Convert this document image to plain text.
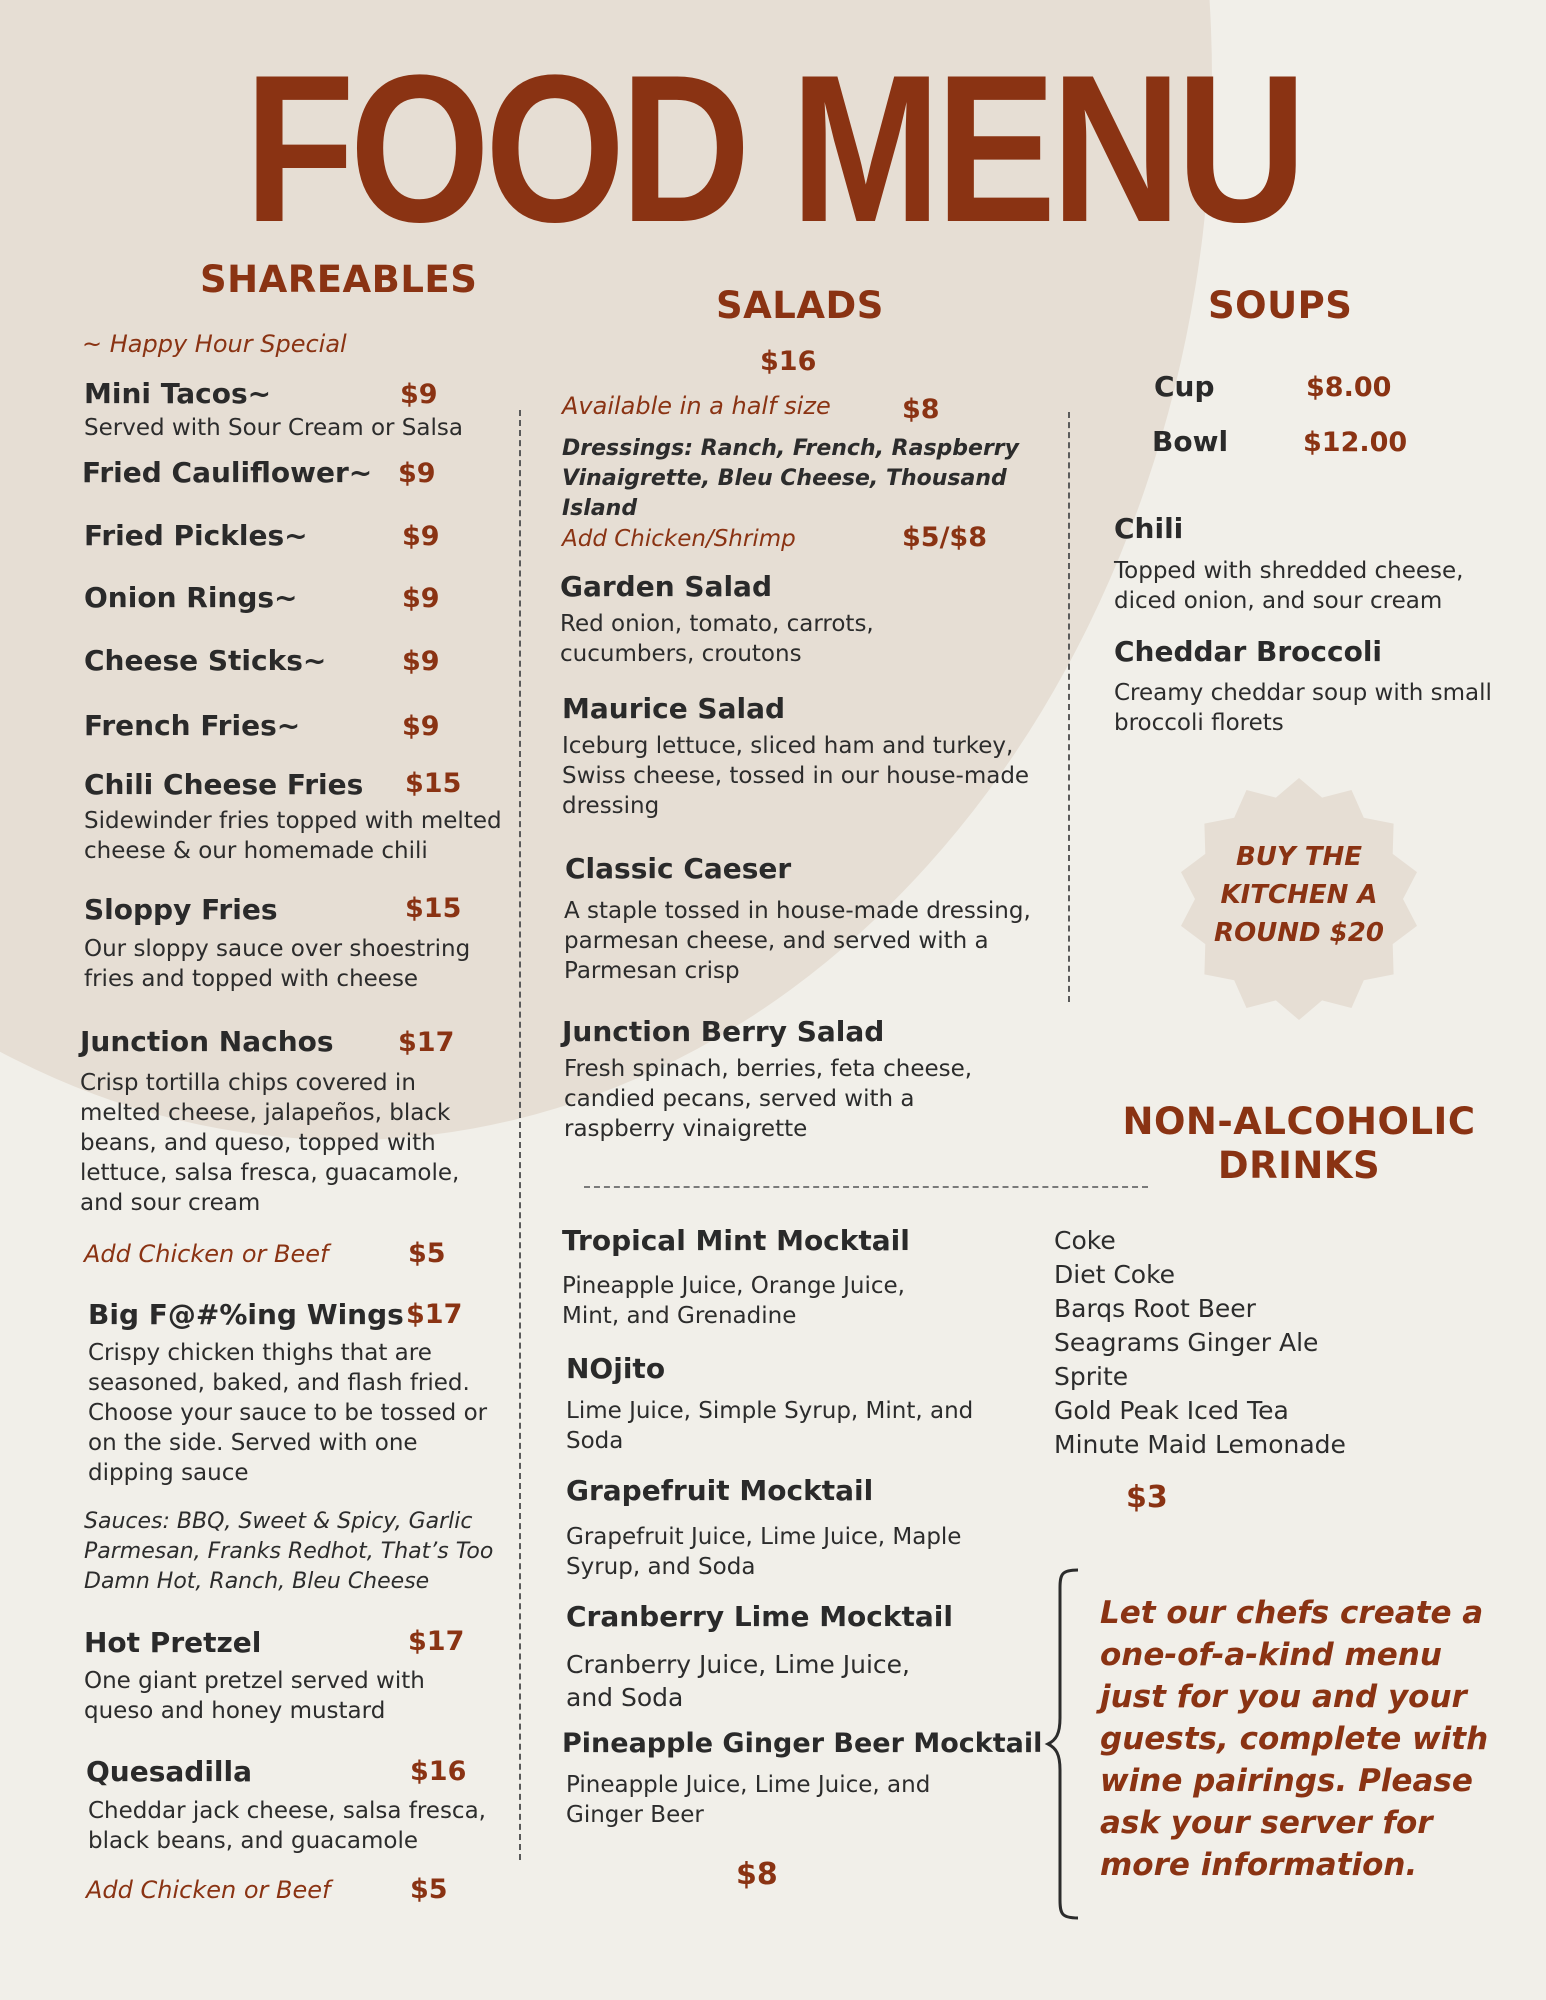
FOOD MENU
SHAREABLES
~ Happy Hour Special
Mini Tacos~	$9
Served with Sour Cream or Salsa
Fried Cauliflower~ $9
Fried Pickles~	$9
Onion Rings~	$9
Cheese Sticks~	$9
French Fries~	$9
Chili Cheese Fries $15
Sidewinder fries topped with melted cheese & our homemade chili
Sloppy Fries	$15
Our sloppy sauce over shoestring fries and topped with cheese
Junction Nachos $17
Crisp tortilla chips covered in melted cheese, jalapeños, black beans, and queso, topped with lettuce, salsa fresca, guacamole, and sour cream
Add Chicken or Beef	$5
Big F@#%ing Wings $17
Crispy chicken thighs that are seasoned, baked, and flash fried. Choose your sauce to be tossed or on the side. Served with one dipping sauce
Sauces: BBQ, Sweet & Spicy, Garlic Parmesan, Franks Redhot, That’s Too Damn Hot, Ranch, Bleu Cheese
Hot Pretzel	$17
One giant pretzel served with queso and honey mustard
Quesadilla	$16
Cheddar jack cheese, salsa fresca, black beans, and guacamole
Add Chicken or Beef	$5
SALADS
$16
Available in a half size	$8
Dressings: Ranch, French, Raspberry Vinaigrette, Bleu Cheese, Thousand Island
Add Chicken/Shrimp	$5/$8
Garden Salad
Red onion, tomato, carrots, cucumbers, croutons
Maurice Salad
Iceburg lettuce, sliced ham and turkey, Swiss cheese, tossed in our house-made dressing
Classic Caeser
A staple tossed in house-made dressing, parmesan cheese, and served with a Parmesan crisp
Junction Berry Salad
Fresh spinach, berries, feta cheese, candied pecans, served with a raspberry vinaigrette
SOUPS
Cup	$8.00
Bowl	$12.00
Chili
Topped with shredded cheese, diced onion, and sour cream
Cheddar Broccoli
Creamy cheddar soup with small broccoli florets
BUY THE
KITCHEN A
ROUND $20
Tropical Mint Mocktail
Pineapple Juice, Orange Juice, Mint, and Grenadine
NOjito
Lime Juice, Simple Syrup, Mint, and Soda
Grapefruit Mocktail
Grapefruit Juice, Lime Juice, Maple Syrup, and Soda
Cranberry Lime Mocktail
Cranberry Juice, Lime Juice, and Soda
Pineapple Ginger Beer Mocktail
Pineapple Juice, Lime Juice, and Ginger Beer
$8
NON-ALCOHOLIC
DRINKS
Coke
Diet Coke
Barqs Root Beer
Seagrams Ginger Ale
Sprite
Gold Peak Iced Tea
Minute Maid Lemonade
$3
Let our chefs create a one-of-a-kind menu just for you and your guests, complete with wine pairings. Please ask your server for more information.
